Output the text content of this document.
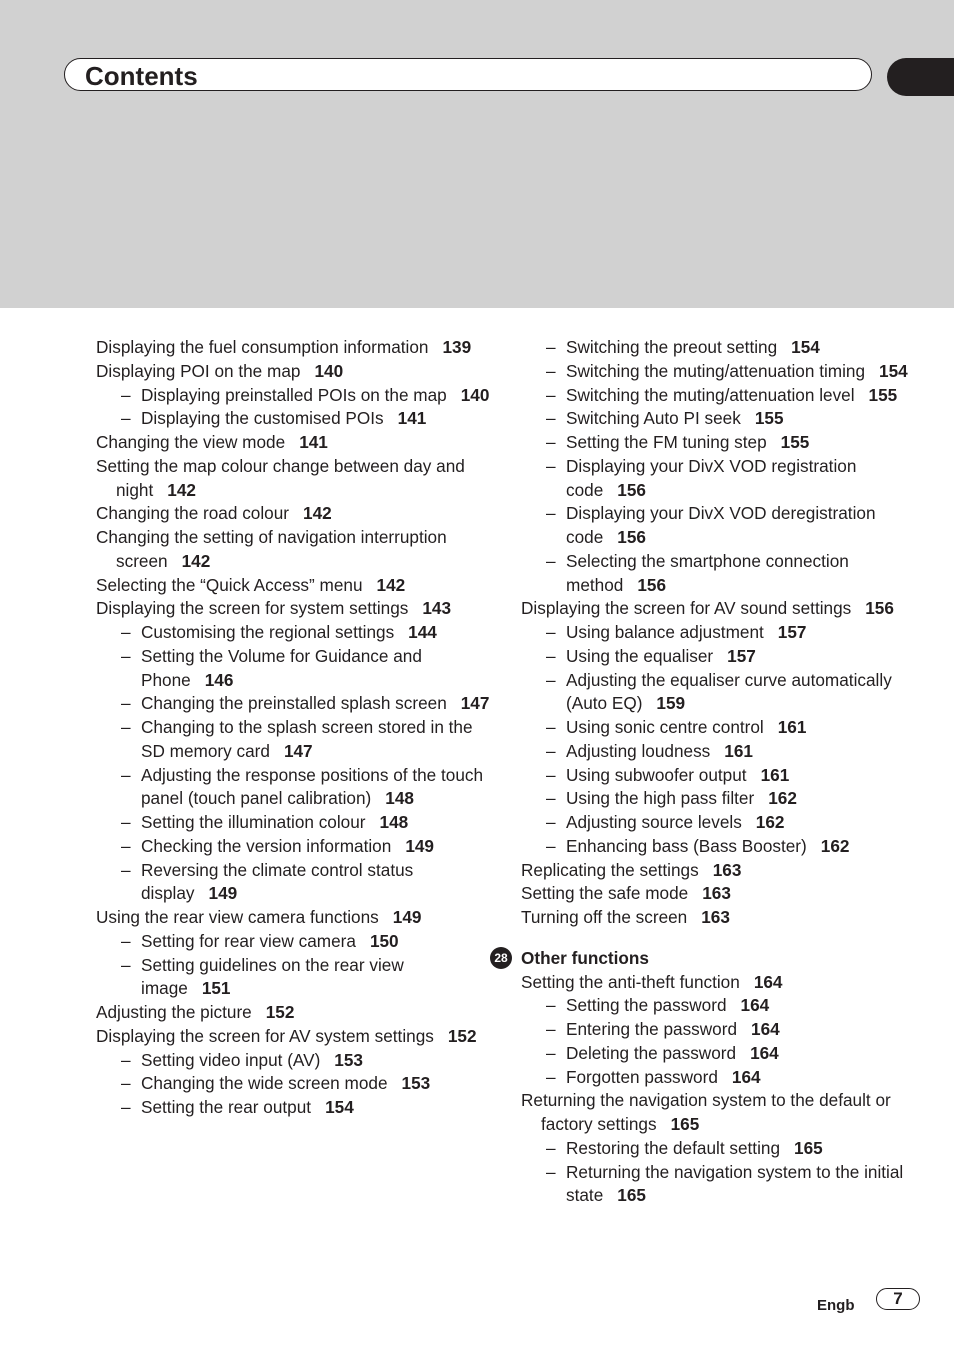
Contents
Displaying the fuel consumption information 139
Displaying POI on the map 140
– Displaying preinstalled POIs on the map 140
– Displaying the customised POIs 141
Changing the view mode 141
Setting the map colour change between day and night 142
Changing the road colour 142
Changing the setting of navigation interruption screen 142
Selecting the “Quick Access” menu 142
Displaying the screen for system settings 143
– Customising the regional settings 144
– Setting the Volume for Guidance and Phone 146
– Changing the preinstalled splash screen 147
– Changing to the splash screen stored in the SD memory card 147
– Adjusting the response positions of the touch panel (touch panel calibration) 148
– Setting the illumination colour 148
– Checking the version information 149
– Reversing the climate control status display 149
Using the rear view camera functions 149
– Setting for rear view camera 150
– Setting guidelines on the rear view image 151
Adjusting the picture 152
Displaying the screen for AV system settings 152
– Setting video input (AV) 153
– Changing the wide screen mode 153
– Setting the rear output 154
– Switching the preout setting 154
– Switching the muting/attenuation timing 154
– Switching the muting/attenuation level 155
– Switching Auto PI seek 155
– Setting the FM tuning step 155
– Displaying your DivX VOD registration code 156
– Displaying your DivX VOD deregistration code 156
– Selecting the smartphone connection method 156
Displaying the screen for AV sound settings 156
– Using balance adjustment 157
– Using the equaliser 157
– Adjusting the equaliser curve automatically (Auto EQ) 159
– Using sonic centre control 161
– Adjusting loudness 161
– Using subwoofer output 161
– Using the high pass filter 162
– Adjusting source levels 162
– Enhancing bass (Bass Booster) 162
Replicating the settings 163
Setting the safe mode 163
Turning off the screen 163
28 Other functions
Setting the anti-theft function 164
– Setting the password 164
– Entering the password 164
– Deleting the password 164
– Forgotten password 164
Returning the navigation system to the default or factory settings 165
– Restoring the default setting 165
– Returning the navigation system to the initial state 165
Engb	7
